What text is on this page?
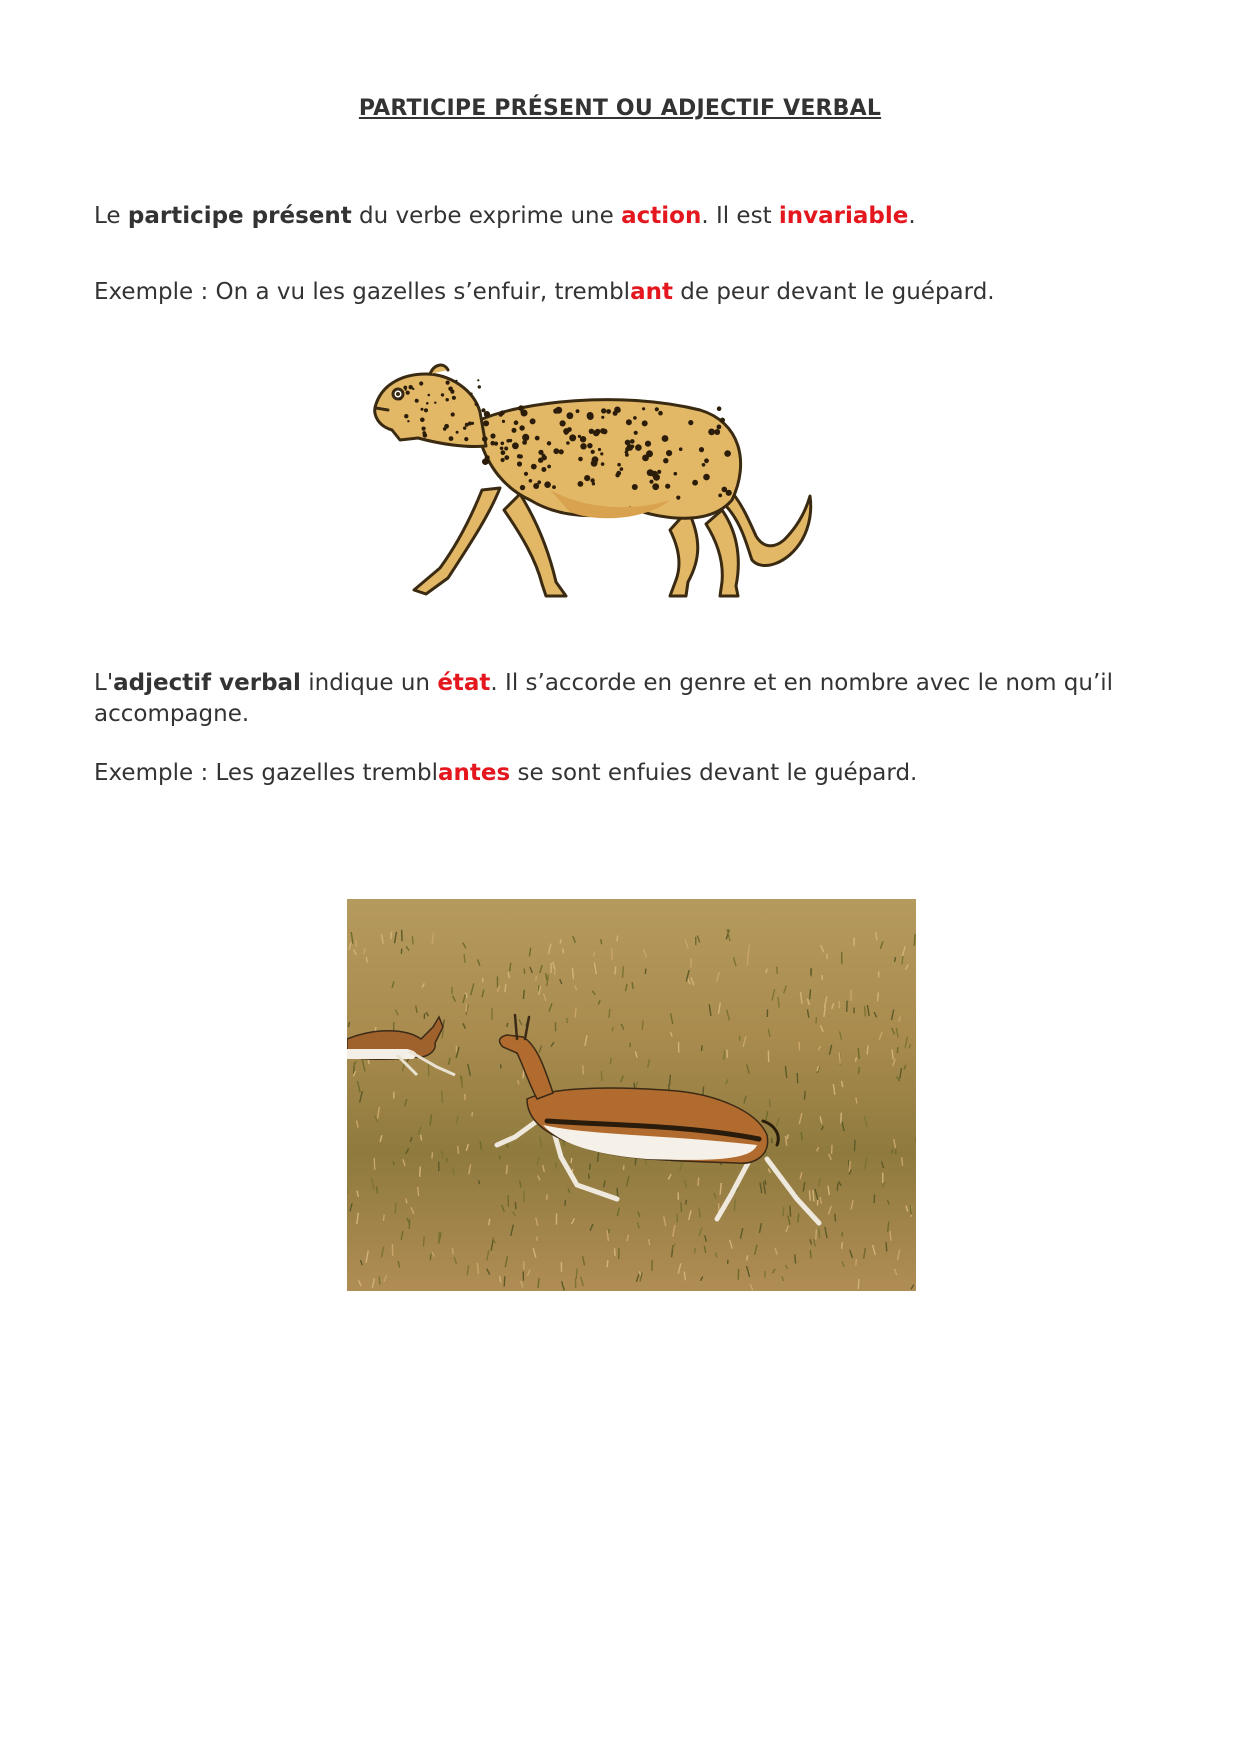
PARTICIPE PRÉSENT OU ADJECTIF VERBAL

Le participe présent du verbe exprime une action. Il est invariable.

Exemple : On a vu les gazelles s’enfuir, tremblant de peur devant le guépard.

L'adjectif verbal indique un état. Il s’accorde en genre et en nombre avec le nom qu’il accompagne.

Exemple : Les gazelles tremblantes se sont enfuies devant le guépard.
